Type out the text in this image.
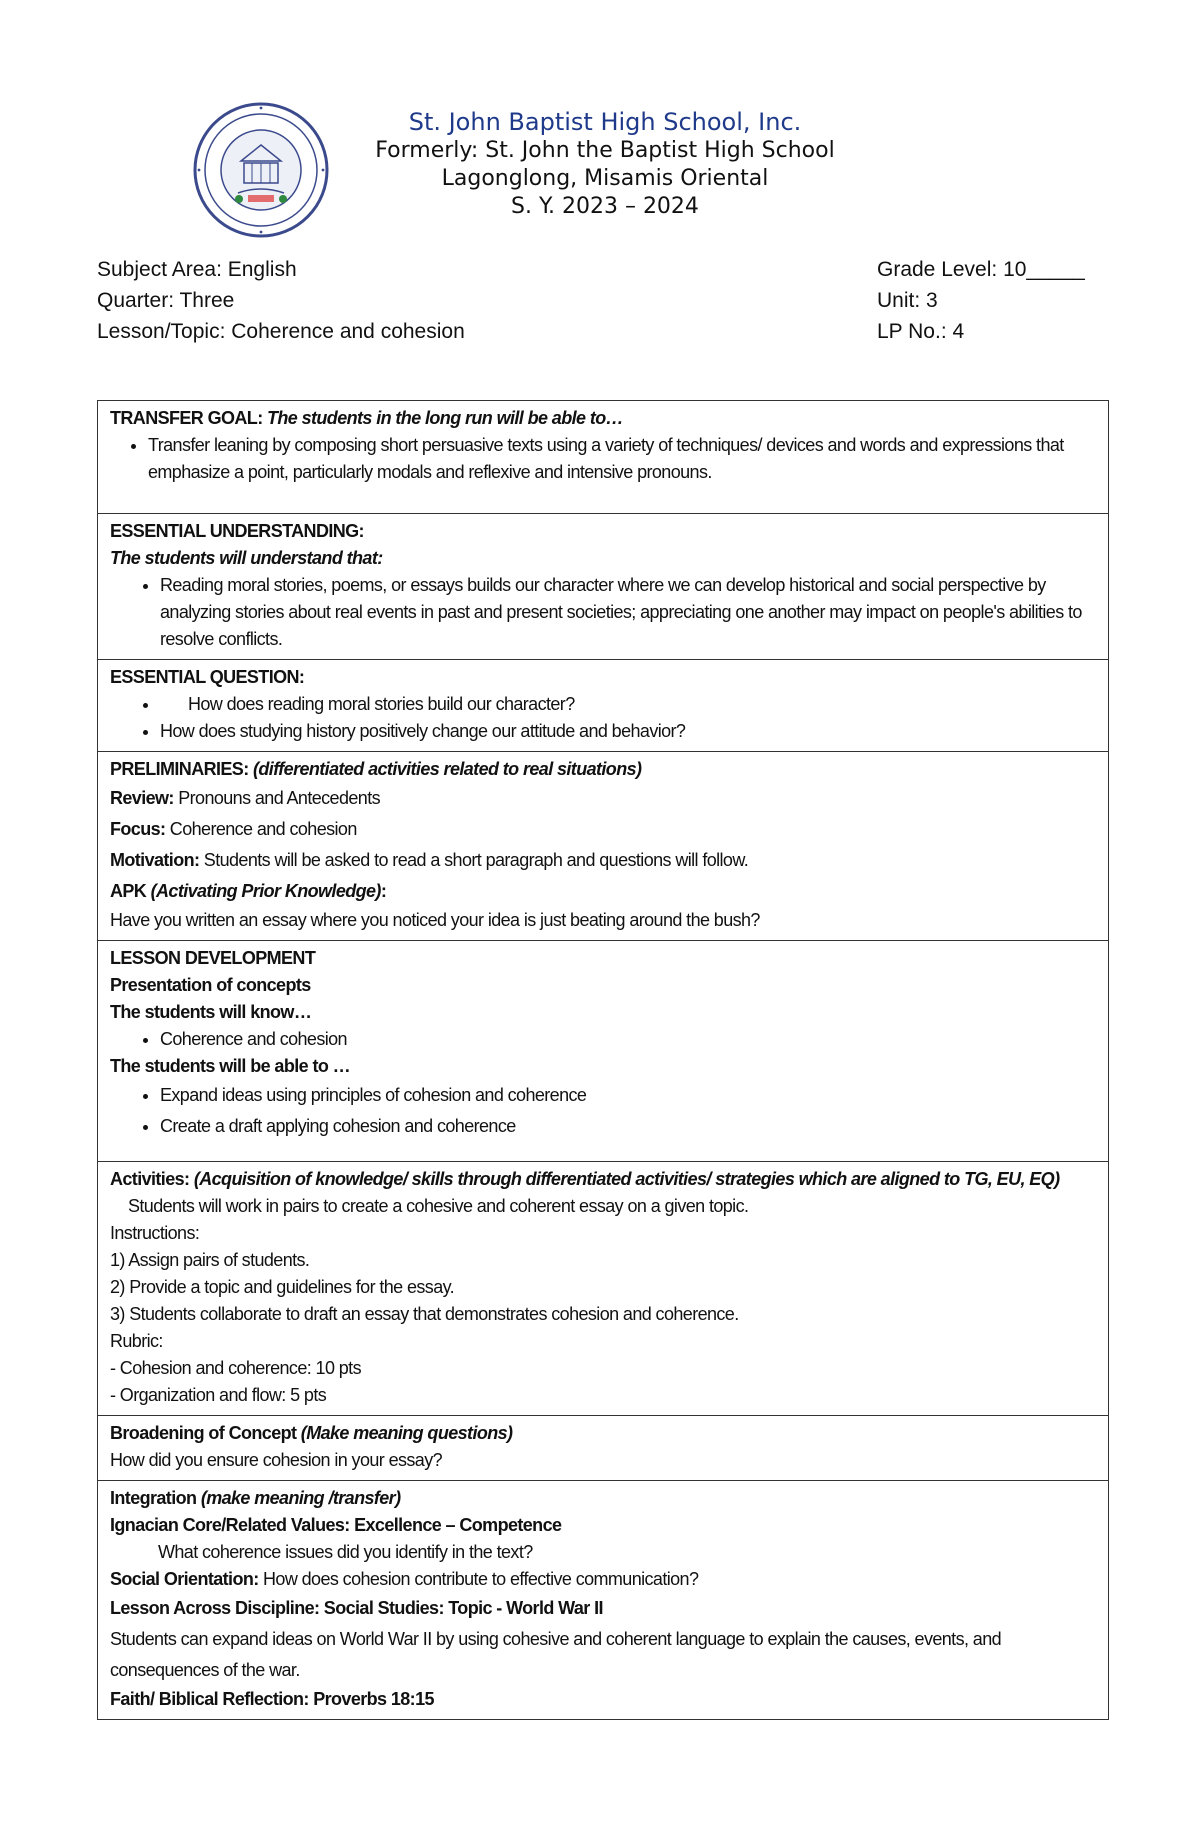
St. John Baptist High School, Inc.
Formerly: St. John the Baptist High School
Lagonglong, Misamis Oriental
S. Y. 2023 – 2024
Subject Area: English	Grade Level: 10_____
Quarter: Three	Unit: 3
Lesson/Topic: Coherence and cohesion	LP No.: 4
TRANSFER GOAL: The students in the long run will be able to…
• Transfer leaning by composing short persuasive texts using a variety of techniques/ devices and words and expressions that emphasize a point, particularly modals and reflexive and intensive pronouns.

ESSENTIAL UNDERSTANDING:
The students will understand that:
• Reading moral stories, poems, or essays builds our character where we can develop historical and social perspective by analyzing stories about real events in past and present societies; appreciating one another may impact on people's abilities to resolve conflicts.

ESSENTIAL QUESTION:
• How does reading moral stories build our character?
• How does studying history positively change our attitude and behavior?

PRELIMINARIES: (differentiated activities related to real situations)
Review: Pronouns and Antecedents
Focus: Coherence and cohesion
Motivation: Students will be asked to read a short paragraph and questions will follow.
APK (Activating Prior Knowledge):
Have you written an essay where you noticed your idea is just beating around the bush?

LESSON DEVELOPMENT
Presentation of concepts
The students will know…
• Coherence and cohesion
The students will be able to …
• Expand ideas using principles of cohesion and coherence
• Create a draft applying cohesion and coherence

Activities: (Acquisition of knowledge/ skills through differentiated activities/ strategies which are aligned to TG, EU, EQ)
Students will work in pairs to create a cohesive and coherent essay on a given topic.
Instructions:
1) Assign pairs of students.
2) Provide a topic and guidelines for the essay.
3) Students collaborate to draft an essay that demonstrates cohesion and coherence.
Rubric:
- Cohesion and coherence: 10 pts
- Organization and flow: 5 pts

Broadening of Concept (Make meaning questions)
How did you ensure cohesion in your essay?

Integration (make meaning /transfer)
Ignacian Core/Related Values: Excellence – Competence
What coherence issues did you identify in the text?
Social Orientation: How does cohesion contribute to effective communication?
Lesson Across Discipline: Social Studies: Topic - World War II
Students can expand ideas on World War II by using cohesive and coherent language to explain the causes, events, and consequences of the war.
Faith/ Biblical Reflection: Proverbs 18:15
